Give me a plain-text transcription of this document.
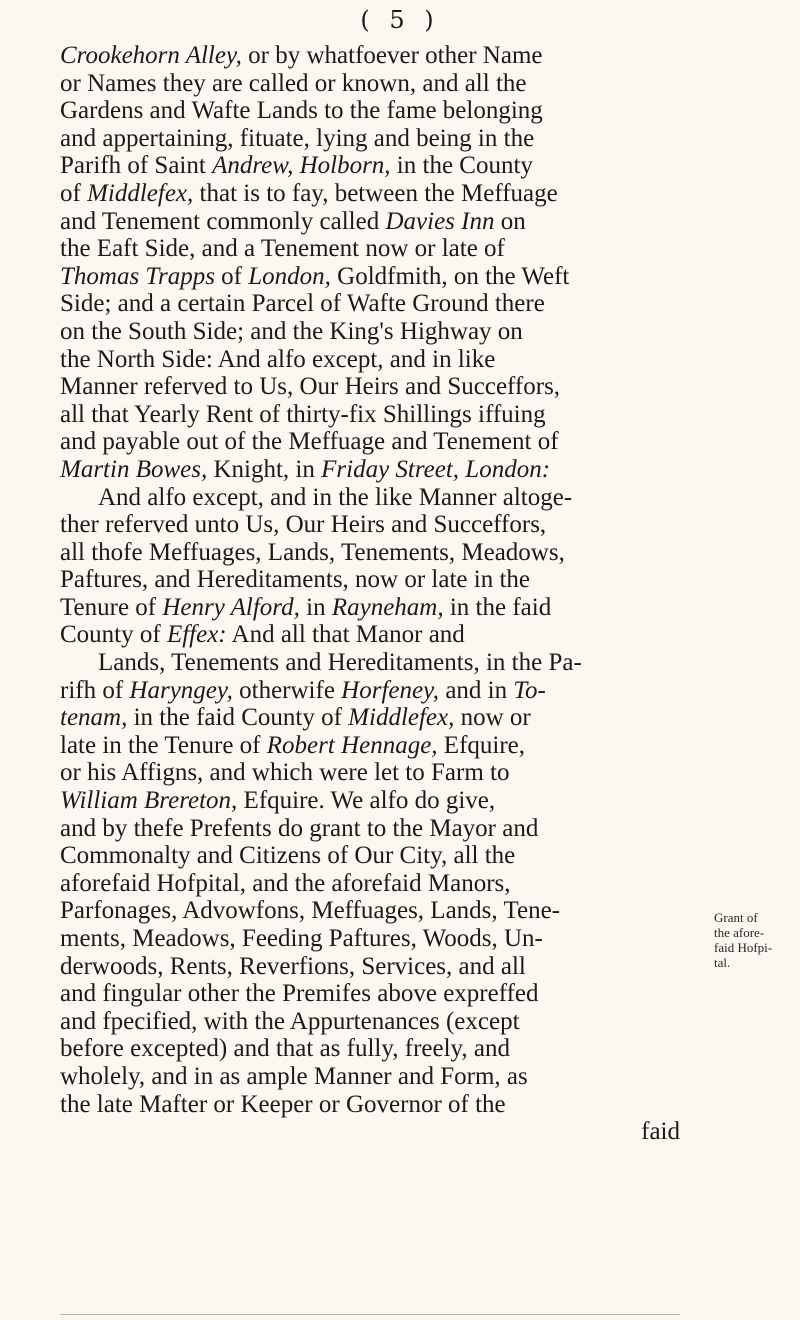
( 5 )
Crookehorn Alley, or by whatfoever other Name
or Names they are called or known, and all the
Gardens and Wafte Lands to the fame belonging
and appertaining, fituate, lying and being in the
Parifh of Saint Andrew, Holborn, in the County
of Middlefex, that is to fay, between the Meffuage
and Tenement commonly called Davies Inn on
the Eaft Side, and a Tenement now or late of
Thomas Trapps of London, Goldfmith, on the Weft
Side; and a certain Parcel of Wafte Ground there
on the South Side; and the King's Highway on
the North Side: And alfo except, and in like
Manner referved to Us, Our Heirs and Succeffors,
all that Yearly Rent of thirty-fix Shillings iffuing
and payable out of the Meffuage and Tenement of
Martin Bowes, Knight, in Friday Street, London:
And alfo except, and in the like Manner altoge-
ther referved unto Us, Our Heirs and Succeffors,
all thofe Meffuages, Lands, Tenements, Meadows,
Paftures, and Hereditaments, now or late in the
Tenure of Henry Alford, in Rayneham, in the faid
County of Effex: And all that Manor and
Lands, Tenements and Hereditaments, in the Pa-
rifh of Haryngey, otherwife Horfeney, and in To-
tenam, in the faid County of Middlefex, now or
late in the Tenure of Robert Hennage, Efquire,
or his Affigns, and which were let to Farm to
William Brereton, Efquire. We alfo do give,
and by thefe Prefents do grant to the Mayor and
Commonalty and Citizens of Our City, all the
aforefaid Hofpital, and the aforefaid Manors,
Parfonages, Advowfons, Meffuages, Lands, Tene-
ments, Meadows, Feeding Paftures, Woods, Un-
derwoods, Rents, Reverfions, Services, and all
and fingular other the Premifes above expreffed
and fpecified, with the Appurtenances (except
before excepted) and that as fully, freely, and
wholely, and in as ample Manner and Form, as
the late Mafter or Keeper or Governor of the
faid
Grant of
the afore-
faid Hofpi-
tal.
